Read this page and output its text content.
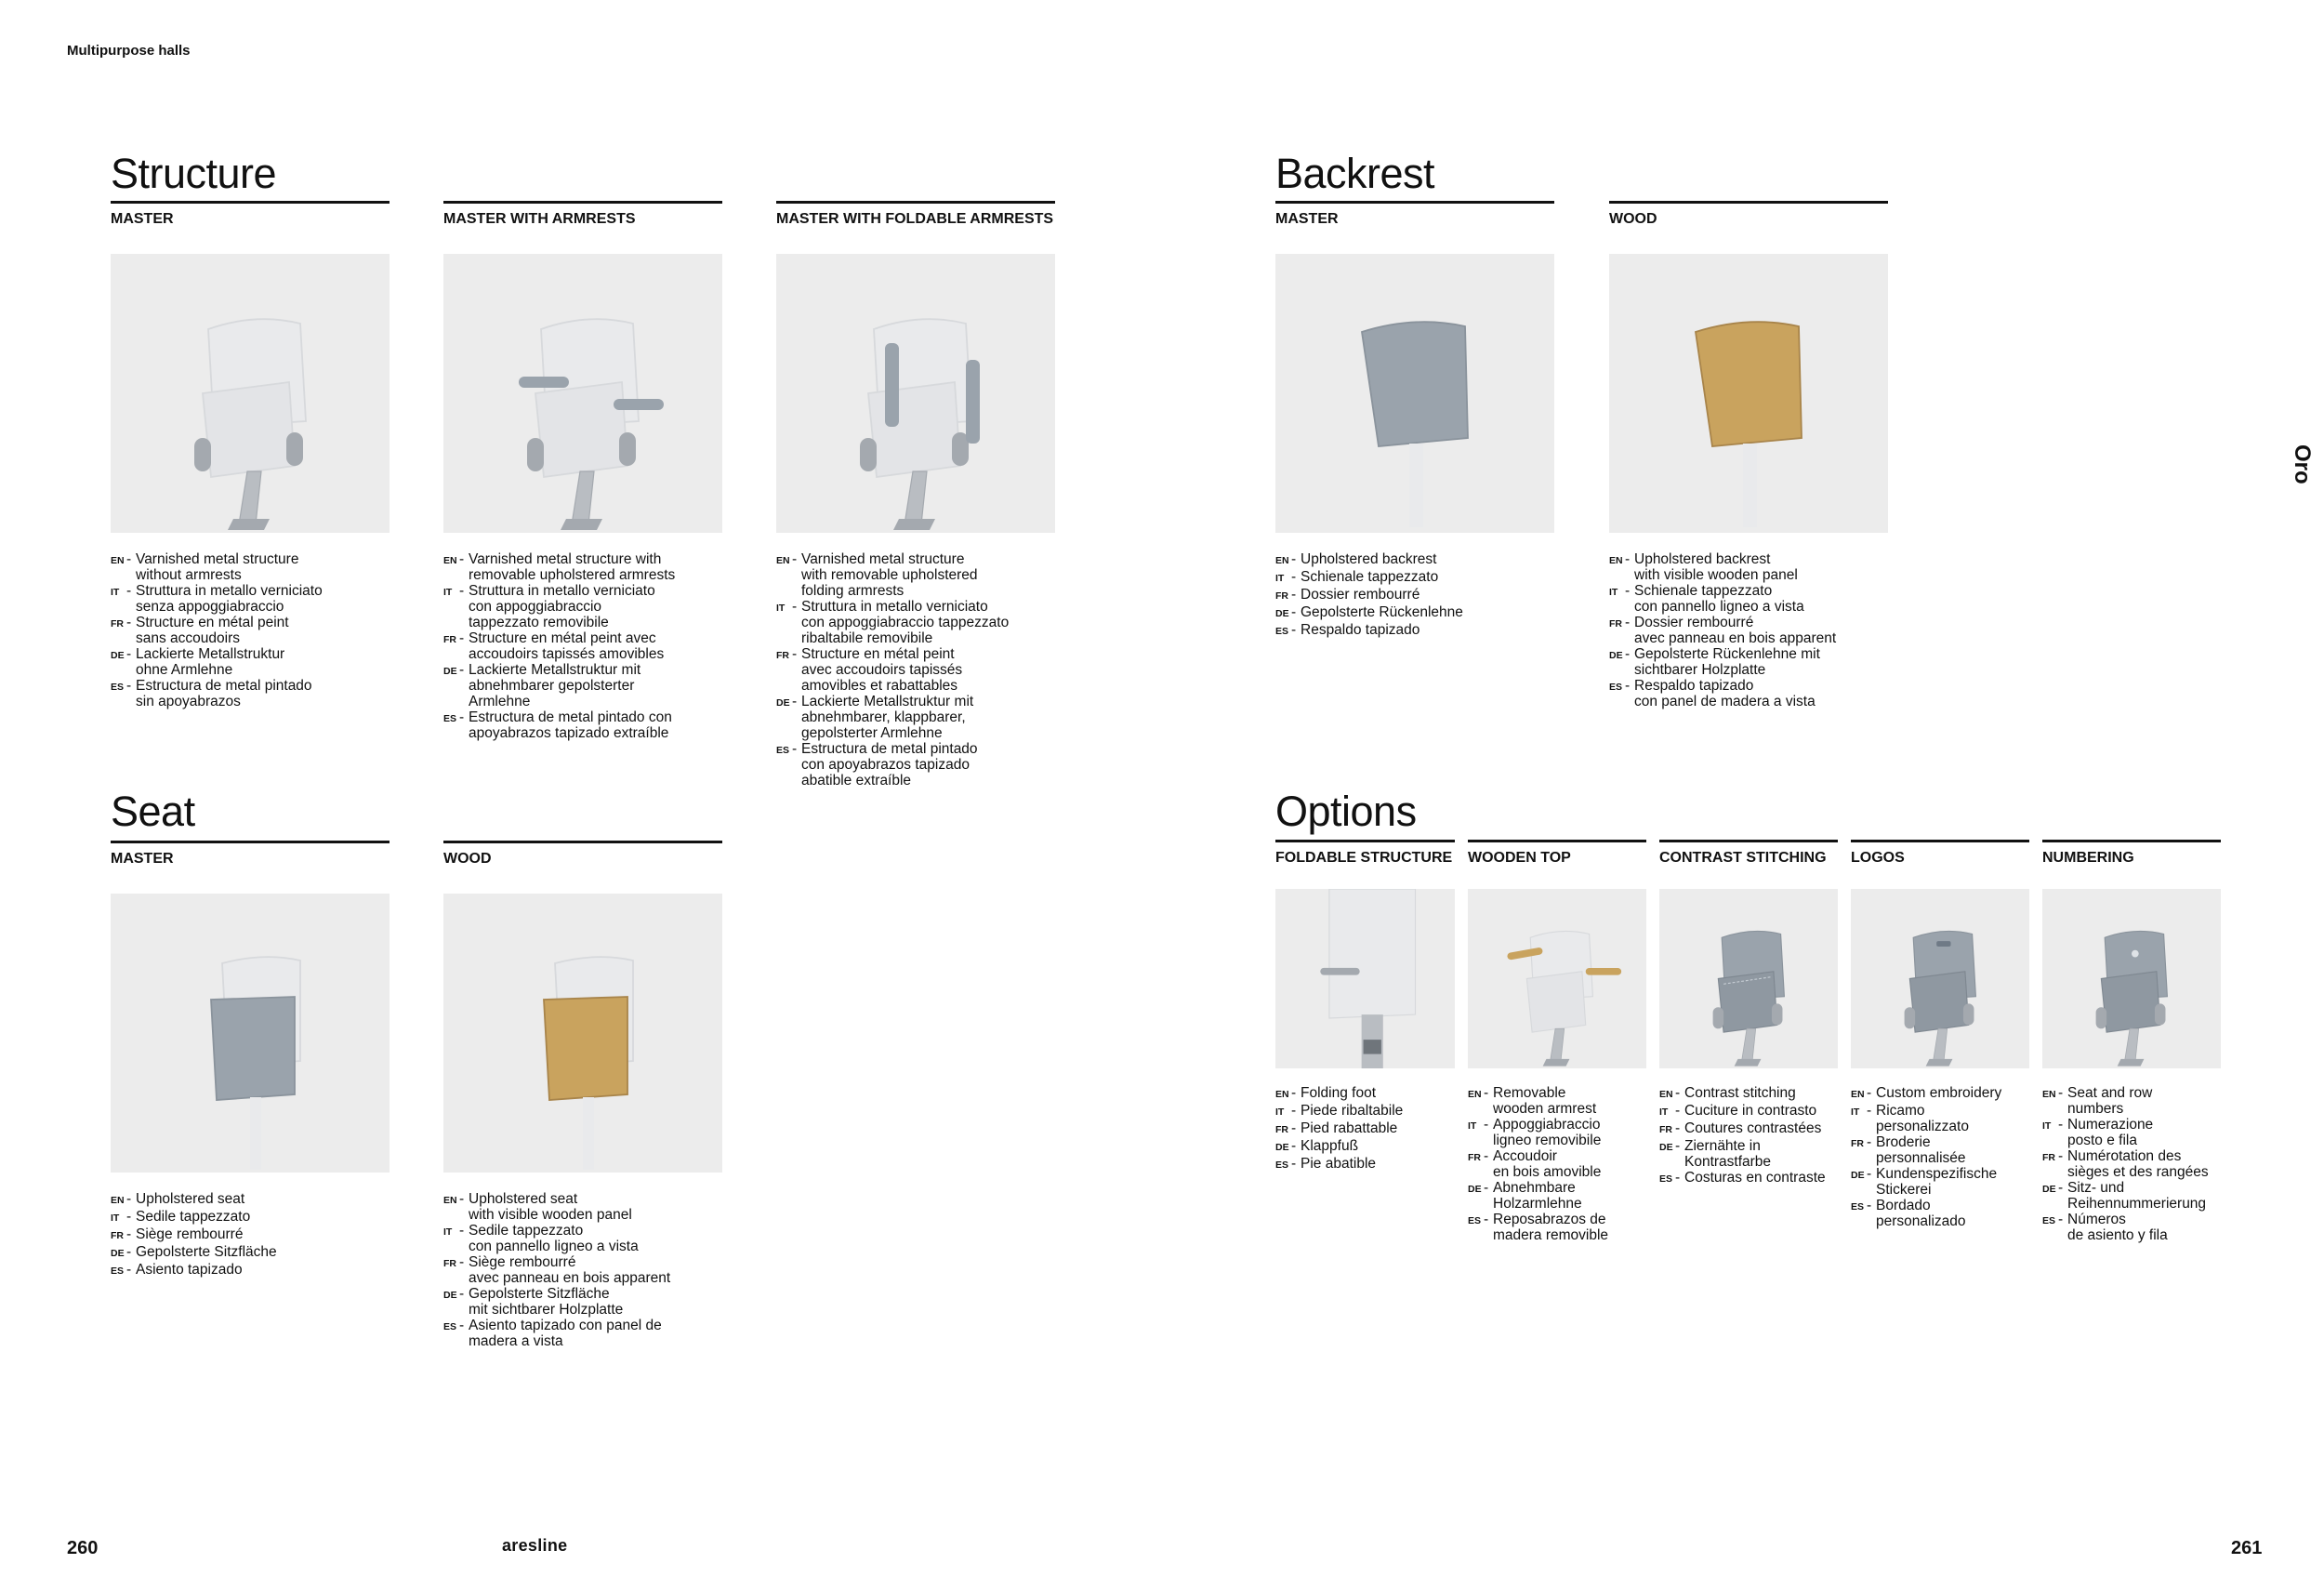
Multipurpose halls
260	aresline	261
Oro
Structure	Backrest
Seat	Options
MASTER
EN - Varnished metal structure
without armrests
IT - Struttura in metallo verniciato
senza appoggiabraccio
FR - Structure en métal peint
sans accoudoirs
DE - Lackierte Metallstruktur
ohne Armlehne
ES - Estructura de metal pintado
sin apoyabrazos
MASTER WITH ARMRESTS
EN - Varnished metal structure with
removable upholstered armrests
IT - Struttura in metallo verniciato
con appoggiabraccio
tappezzato removibile
FR - Structure en métal peint avec
accoudoirs tapissés amovibles
DE - Lackierte Metallstruktur mit
abnehmbarer gepolsterter
Armlehne
ES - Estructura de metal pintado con
apoyabrazos tapizado extraíble
MASTER WITH FOLDABLE ARMRESTS
EN - Varnished metal structure
with removable upholstered
folding armrests
IT - Struttura in metallo verniciato
con appoggiabraccio tappezzato
ribaltabile removibile
FR - Structure en métal peint
avec accoudoirs tapissés
amovibles et rabattables
DE - Lackierte Metallstruktur mit
abnehmbarer, klappbarer,
gepolsterter Armlehne
ES - Estructura de metal pintado
con apoyabrazos tapizado
abatible extraíble
MASTER
EN - Upholstered backrest
IT - Schienale tappezzato
FR - Dossier rembourré
DE - Gepolsterte Rückenlehne
ES - Respaldo tapizado
WOOD
EN - Upholstered backrest
with visible wooden panel
IT - Schienale tappezzato
con pannello ligneo a vista
FR - Dossier rembourré
avec panneau en bois apparent
DE - Gepolsterte Rückenlehne mit
sichtbarer Holzplatte
ES - Respaldo tapizado
con panel de madera a vista
MASTER
EN - Upholstered seat
IT - Sedile tappezzato
FR - Siège rembourré
DE - Gepolsterte Sitzfläche
ES - Asiento tapizado
WOOD
EN - Upholstered seat
with visible wooden panel
IT - Sedile tappezzato
con pannello ligneo a vista
FR - Siège rembourré
avec panneau en bois apparent
DE - Gepolsterte Sitzfläche
mit sichtbarer Holzplatte
ES - Asiento tapizado con panel de
madera a vista
FOLDABLE STRUCTURE
EN - Folding foot
IT - Piede ribaltabile
FR - Pied rabattable
DE - Klappfuß
ES - Pie abatible
WOODEN TOP
EN - Removable
wooden armrest
IT - Appoggiabraccio
ligneo removibile
FR - Accoudoir
en bois amovible
DE - Abnehmbare
Holzarmlehne
ES - Reposabrazos de
madera removible
CONTRAST STITCHING
EN - Contrast stitching
IT - Cuciture in contrasto
FR - Coutures contrastées
DE - Ziernähte in
Kontrastfarbe
ES - Costuras en contraste
LOGOS
EN - Custom embroidery
IT - Ricamo
personalizzato
FR - Broderie
personnalisée
DE - Kundenspezifische
Stickerei
ES - Bordado
personalizado
NUMBERING
EN - Seat and row
numbers
IT - Numerazione
posto e fila
FR - Numérotation des
sièges et des rangées
DE - Sitz- und
Reihennummerierung
ES - Números
de asiento y fila
